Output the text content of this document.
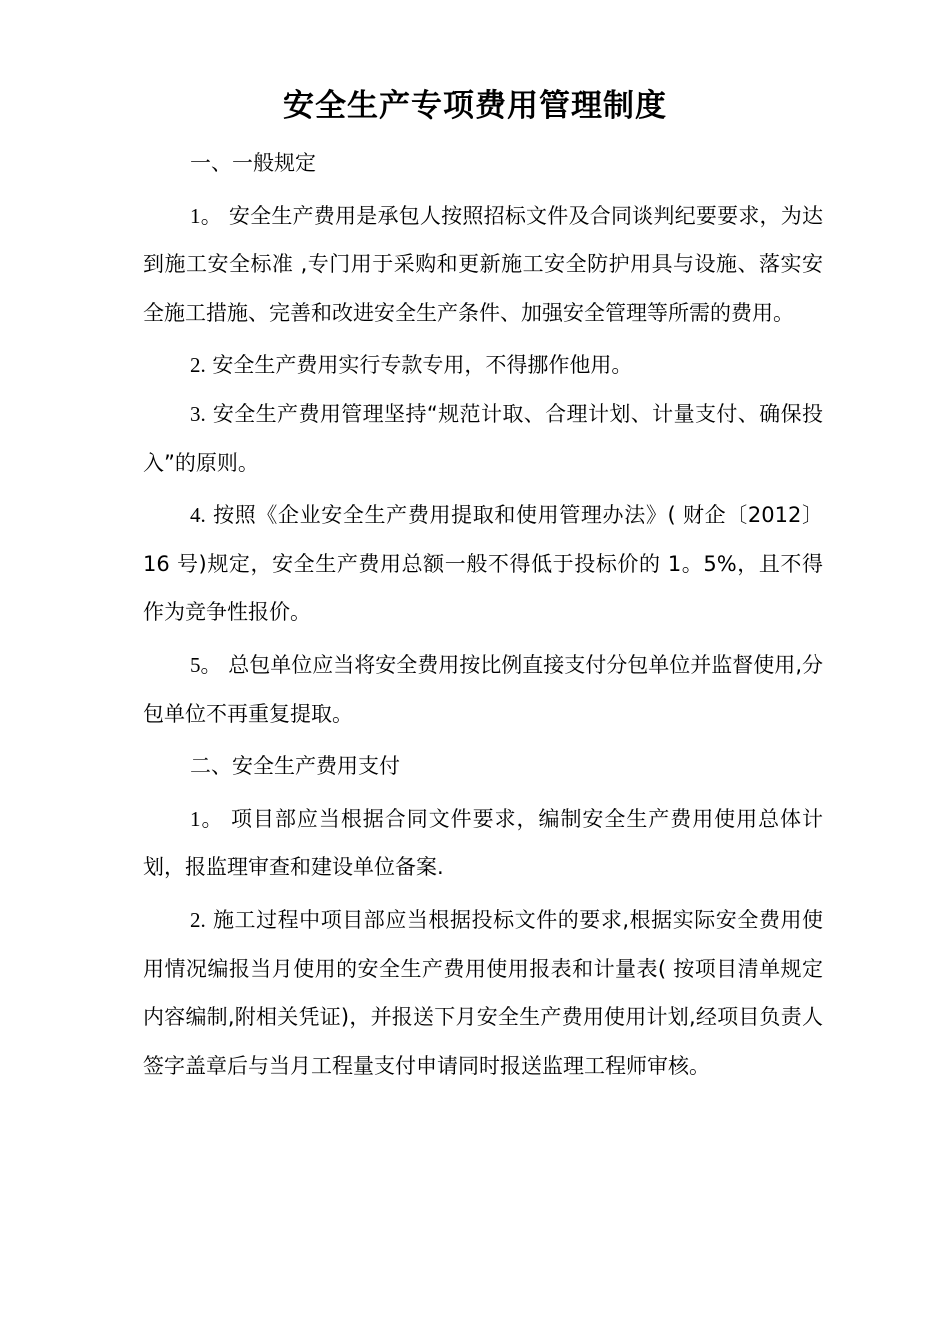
安全生产专项费用管理制度

一、一般规定

1。 安全生产费用是承包人按照招标文件及合同谈判纪要要求，为达到施工安全标准 ,专门用于采购和更新施工安全防护用具与设施、落实安全施工措施、完善和改进安全生产条件、加强安全管理等所需的费用。

2. 安全生产费用实行专款专用，不得挪作他用。

3. 安全生产费用管理坚持“规范计取、合理计划、计量支付、确保投入”的原则。

4. 按照《企业安全生产费用提取和使用管理办法》( 财企〔2012〕16 号)规定，安全生产费用总额一般不得低于投标价的 1。5%，且不得作为竞争性报价。

5。 总包单位应当将安全费用按比例直接支付分包单位并监督使用,分包单位不再重复提取。

二、安全生产费用支付

1。 项目部应当根据合同文件要求，编制安全生产费用使用总体计划，报监理审查和建设单位备案.

2. 施工过程中项目部应当根据投标文件的要求,根据实际安全费用使用情况编报当月使用的安全生产费用使用报表和计量表( 按项目清单规定内容编制,附相关凭证)，并报送下月安全生产费用使用计划,经项目负责人签字盖章后与当月工程量支付申请同时报送监理工程师审核。
